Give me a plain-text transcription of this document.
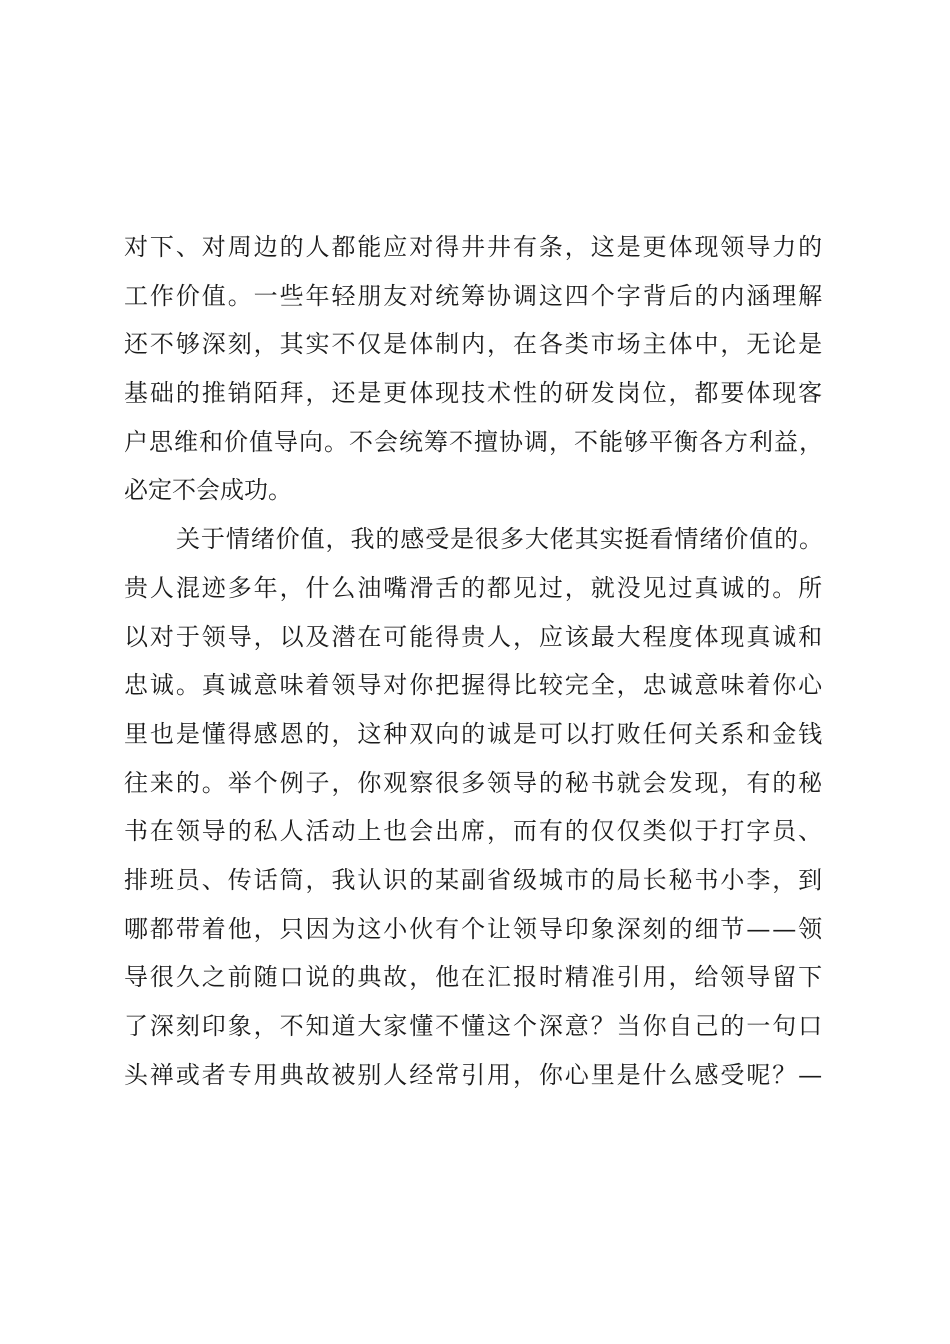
对下、对周边的人都能应对得井井有条，这是更体现领导力的
工作价值。一些年轻朋友对统筹协调这四个字背后的内涵理解
还不够深刻，其实不仅是体制内，在各类市场主体中，无论是
基础的推销陌拜，还是更体现技术性的研发岗位，都要体现客
户思维和价值导向。不会统筹不擅协调，不能够平衡各方利益，
必定不会成功。
关于情绪价值，我的感受是很多大佬其实挺看情绪价值的。
贵人混迹多年，什么油嘴滑舌的都见过，就没见过真诚的。所
以对于领导，以及潜在可能得贵人，应该最大程度体现真诚和
忠诚。真诚意味着领导对你把握得比较完全，忠诚意味着你心
里也是懂得感恩的，这种双向的诚是可以打败任何关系和金钱
往来的。举个例子，你观察很多领导的秘书就会发现，有的秘
书在领导的私人活动上也会出席，而有的仅仅类似于打字员、
排班员、传话筒，我认识的某副省级城市的局长秘书小李，到
哪都带着他，只因为这小伙有个让领导印象深刻的细节——领
导很久之前随口说的典故，他在汇报时精准引用，给领导留下
了深刻印象，不知道大家懂不懂这个深意？当你自己的一句口
头禅或者专用典故被别人经常引用，你心里是什么感受呢？—
